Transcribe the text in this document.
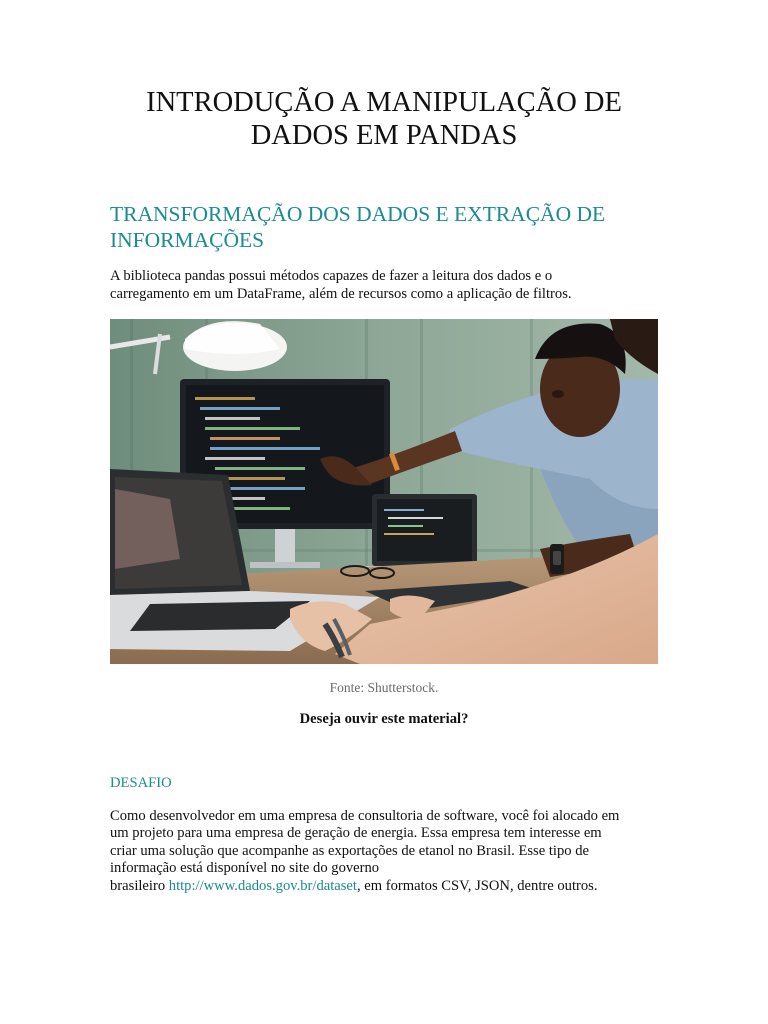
INTRODUÇÃO A MANIPULAÇÃO DE
DADOS EM PANDAS
TRANSFORMAÇÃO DOS DADOS E EXTRAÇÃO DE
INFORMAÇÕES

A biblioteca pandas possui métodos capazes de fazer a leitura dos dados e o
carregamento em um DataFrame, além de recursos como a aplicação de filtros.

Fonte: Shutterstock.

Deseja ouvir este material?

DESAFIO

Como desenvolvedor em uma empresa de consultoria de software, você foi alocado em
um projeto para uma empresa de geração de energia. Essa empresa tem interesse em
criar uma solução que acompanhe as exportações de etanol no Brasil. Esse tipo de
informação está disponível no site do governo
brasileiro http://www.dados.gov.br/dataset, em formatos CSV, JSON, dentre outros.
